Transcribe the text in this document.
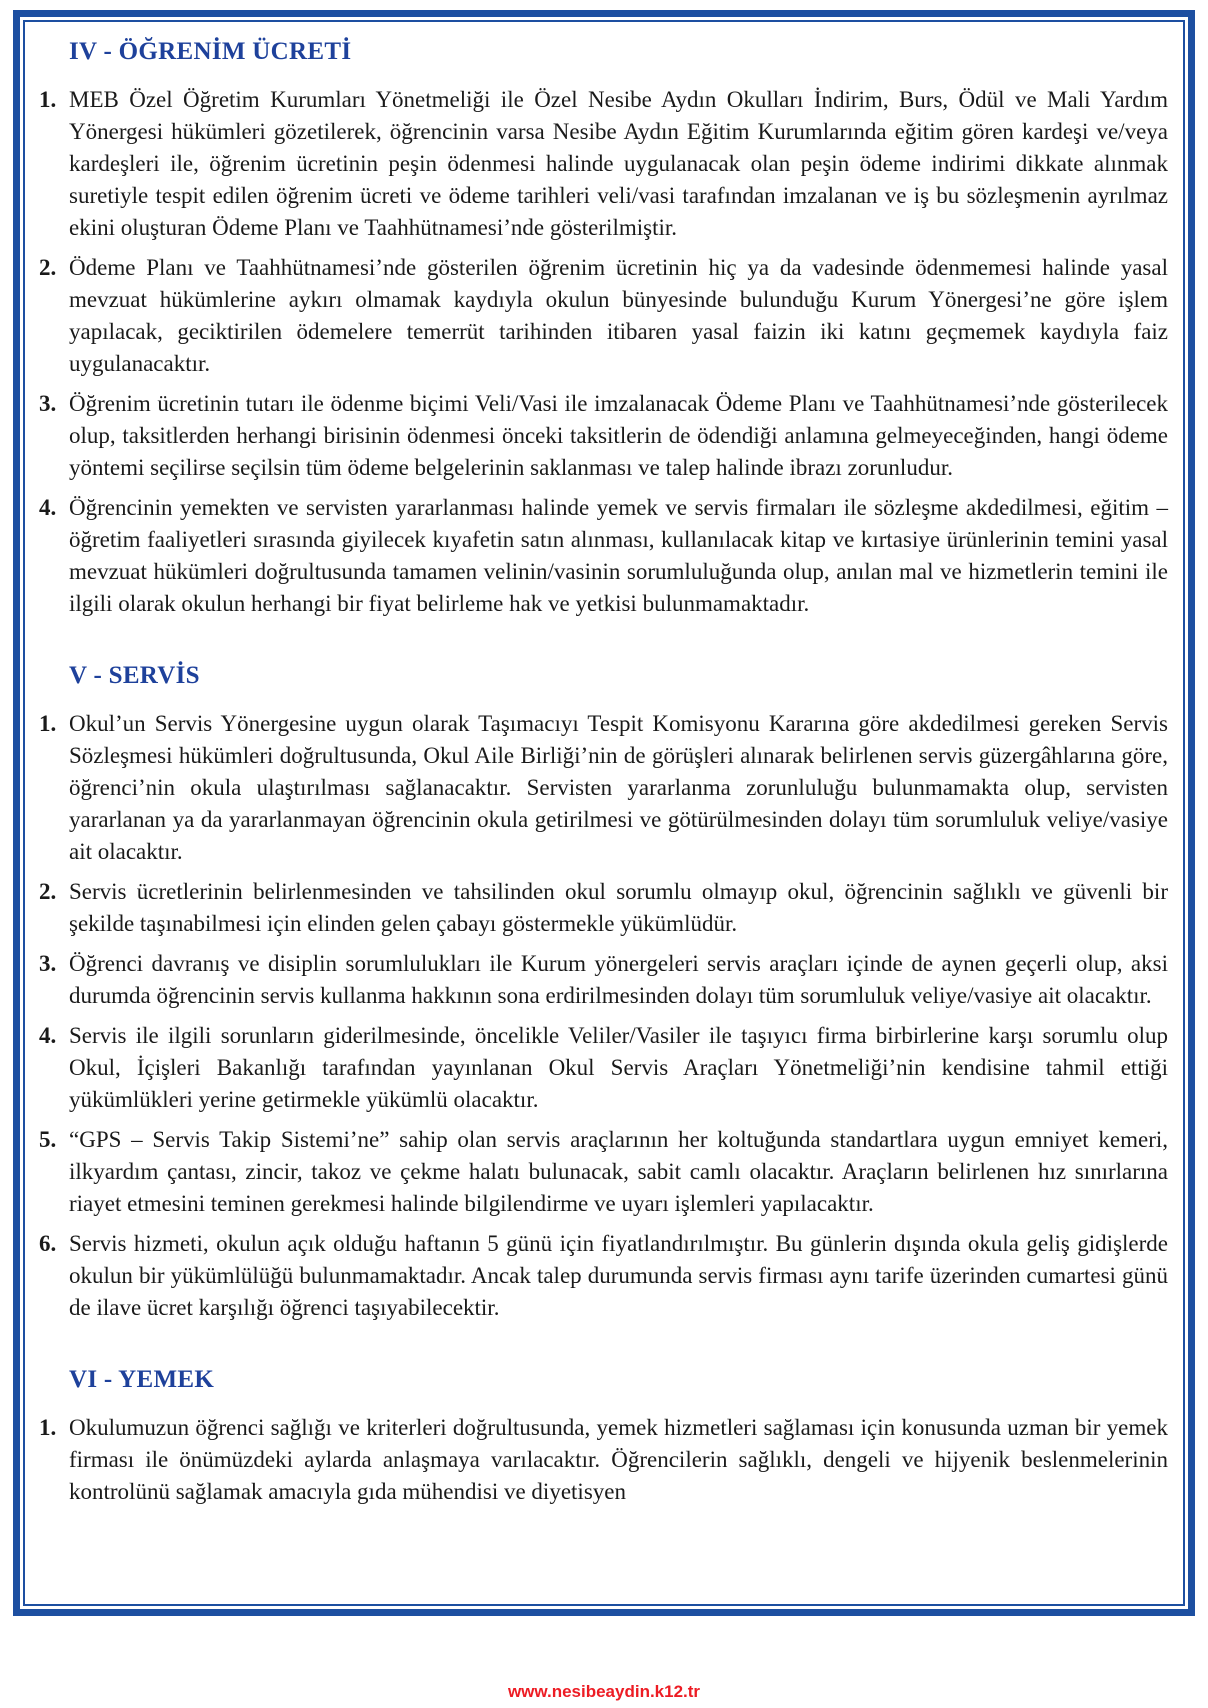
IV - ÖĞRENİM ÜCRETİ
1. MEB Özel Öğretim Kurumları Yönetmeliği ile Özel Nesibe Aydın Okulları İndirim, Burs, Ödül ve Mali Yardım Yönergesi hükümleri gözetilerek, öğrencinin varsa Nesibe Aydın Eğitim Kurumlarında eğitim gören kardeşi ve/veya kardeşleri ile, öğrenim ücretinin peşin ödenmesi halinde uygulanacak olan peşin ödeme indirimi dikkate alınmak suretiyle tespit edilen öğrenim ücreti ve ödeme tarihleri veli/vasi tarafından imzalanan ve iş bu sözleşmenin ayrılmaz ekini oluşturan Ödeme Planı ve Taahhütnamesi’nde gösterilmiştir.

2. Ödeme Planı ve Taahhütnamesi’nde gösterilen öğrenim ücretinin hiç ya da vadesinde ödenmemesi halinde yasal mevzuat hükümlerine aykırı olmamak kaydıyla okulun bünyesinde bulunduğu Kurum Yönergesi’ne göre işlem yapılacak, geciktirilen ödemelere temerrüt tarihinden itibaren yasal faizin iki katını geçmemek kaydıyla faiz uygulanacaktır.

3. Öğrenim ücretinin tutarı ile ödenme biçimi Veli/Vasi ile imzalanacak Ödeme Planı ve Taahhütnamesi’nde gösterilecek olup, taksitlerden herhangi birisinin ödenmesi önceki taksitlerin de ödendiği anlamına gelmeyeceğinden, hangi ödeme yöntemi seçilirse seçilsin tüm ödeme belgelerinin saklanması ve talep halinde ibrazı zorunludur.

4. Öğrencinin yemekten ve servisten yararlanması halinde yemek ve servis firmaları ile sözleşme akdedilmesi, eğitim – öğretim faaliyetleri sırasında giyilecek kıyafetin satın alınması, kullanılacak kitap ve kırtasiye ürünlerinin temini yasal mevzuat hükümleri doğrultusunda tamamen velinin/vasinin sorumluluğunda olup, anılan mal ve hizmetlerin temini ile ilgili olarak okulun herhangi bir fiyat belirleme hak ve yetkisi bulunmamaktadır.

V - SERVİS
1. Okul’un Servis Yönergesine uygun olarak Taşımacıyı Tespit Komisyonu Kararına göre akdedilmesi gereken Servis Sözleşmesi hükümleri doğrultusunda, Okul Aile Birliği’nin de görüşleri alınarak belirlenen servis güzergâhlarına göre, öğrenci’nin okula ulaştırılması sağlanacaktır. Servisten yararlanma zorunluluğu bulunmamakta olup, servisten yararlanan ya da yararlanmayan öğrencinin okula getirilmesi ve götürülmesinden dolayı tüm sorumluluk veliye/vasiye ait olacaktır.

2. Servis ücretlerinin belirlenmesinden ve tahsilinden okul sorumlu olmayıp okul, öğrencinin sağlıklı ve güvenli bir şekilde taşınabilmesi için elinden gelen çabayı göstermekle yükümlüdür.

3. Öğrenci davranış ve disiplin sorumlulukları ile Kurum yönergeleri servis araçları içinde de aynen geçerli olup, aksi durumda öğrencinin servis kullanma hakkının sona erdirilmesinden dolayı tüm sorumluluk veliye/vasiye ait olacaktır.

4. Servis ile ilgili sorunların giderilmesinde, öncelikle Veliler/Vasiler ile taşıyıcı firma birbirlerine karşı sorumlu olup Okul, İçişleri Bakanlığı tarafından yayınlanan Okul Servis Araçları Yönetmeliği’nin kendisine tahmil ettiği yükümlükleri yerine getirmekle yükümlü olacaktır.

5. “GPS – Servis Takip Sistemi’ne” sahip olan servis araçlarının her koltuğunda standartlara uygun emniyet kemeri, ilkyardım çantası, zincir, takoz ve çekme halatı bulunacak, sabit camlı olacaktır. Araçların belirlenen hız sınırlarına riayet etmesini teminen gerekmesi halinde bilgilendirme ve uyarı işlemleri yapılacaktır.

6. Servis hizmeti, okulun açık olduğu haftanın 5 günü için fiyatlandırılmıştır. Bu günlerin dışında okula geliş gidişlerde okulun bir yükümlülüğü bulunmamaktadır. Ancak talep durumunda servis firması aynı tarife üzerinden cumartesi günü de ilave ücret karşılığı öğrenci taşıyabilecektir.

VI - YEMEK
1. Okulumuzun öğrenci sağlığı ve kriterleri doğrultusunda, yemek hizmetleri sağlaması için konusunda uzman bir yemek firması ile önümüzdeki aylarda anlaşmaya varılacaktır. Öğrencilerin sağlıklı, dengeli ve hijyenik beslenmelerinin kontrolünü sağlamak amacıyla gıda mühendisi ve diyetisyen

www.nesibeaydin.k12.tr
